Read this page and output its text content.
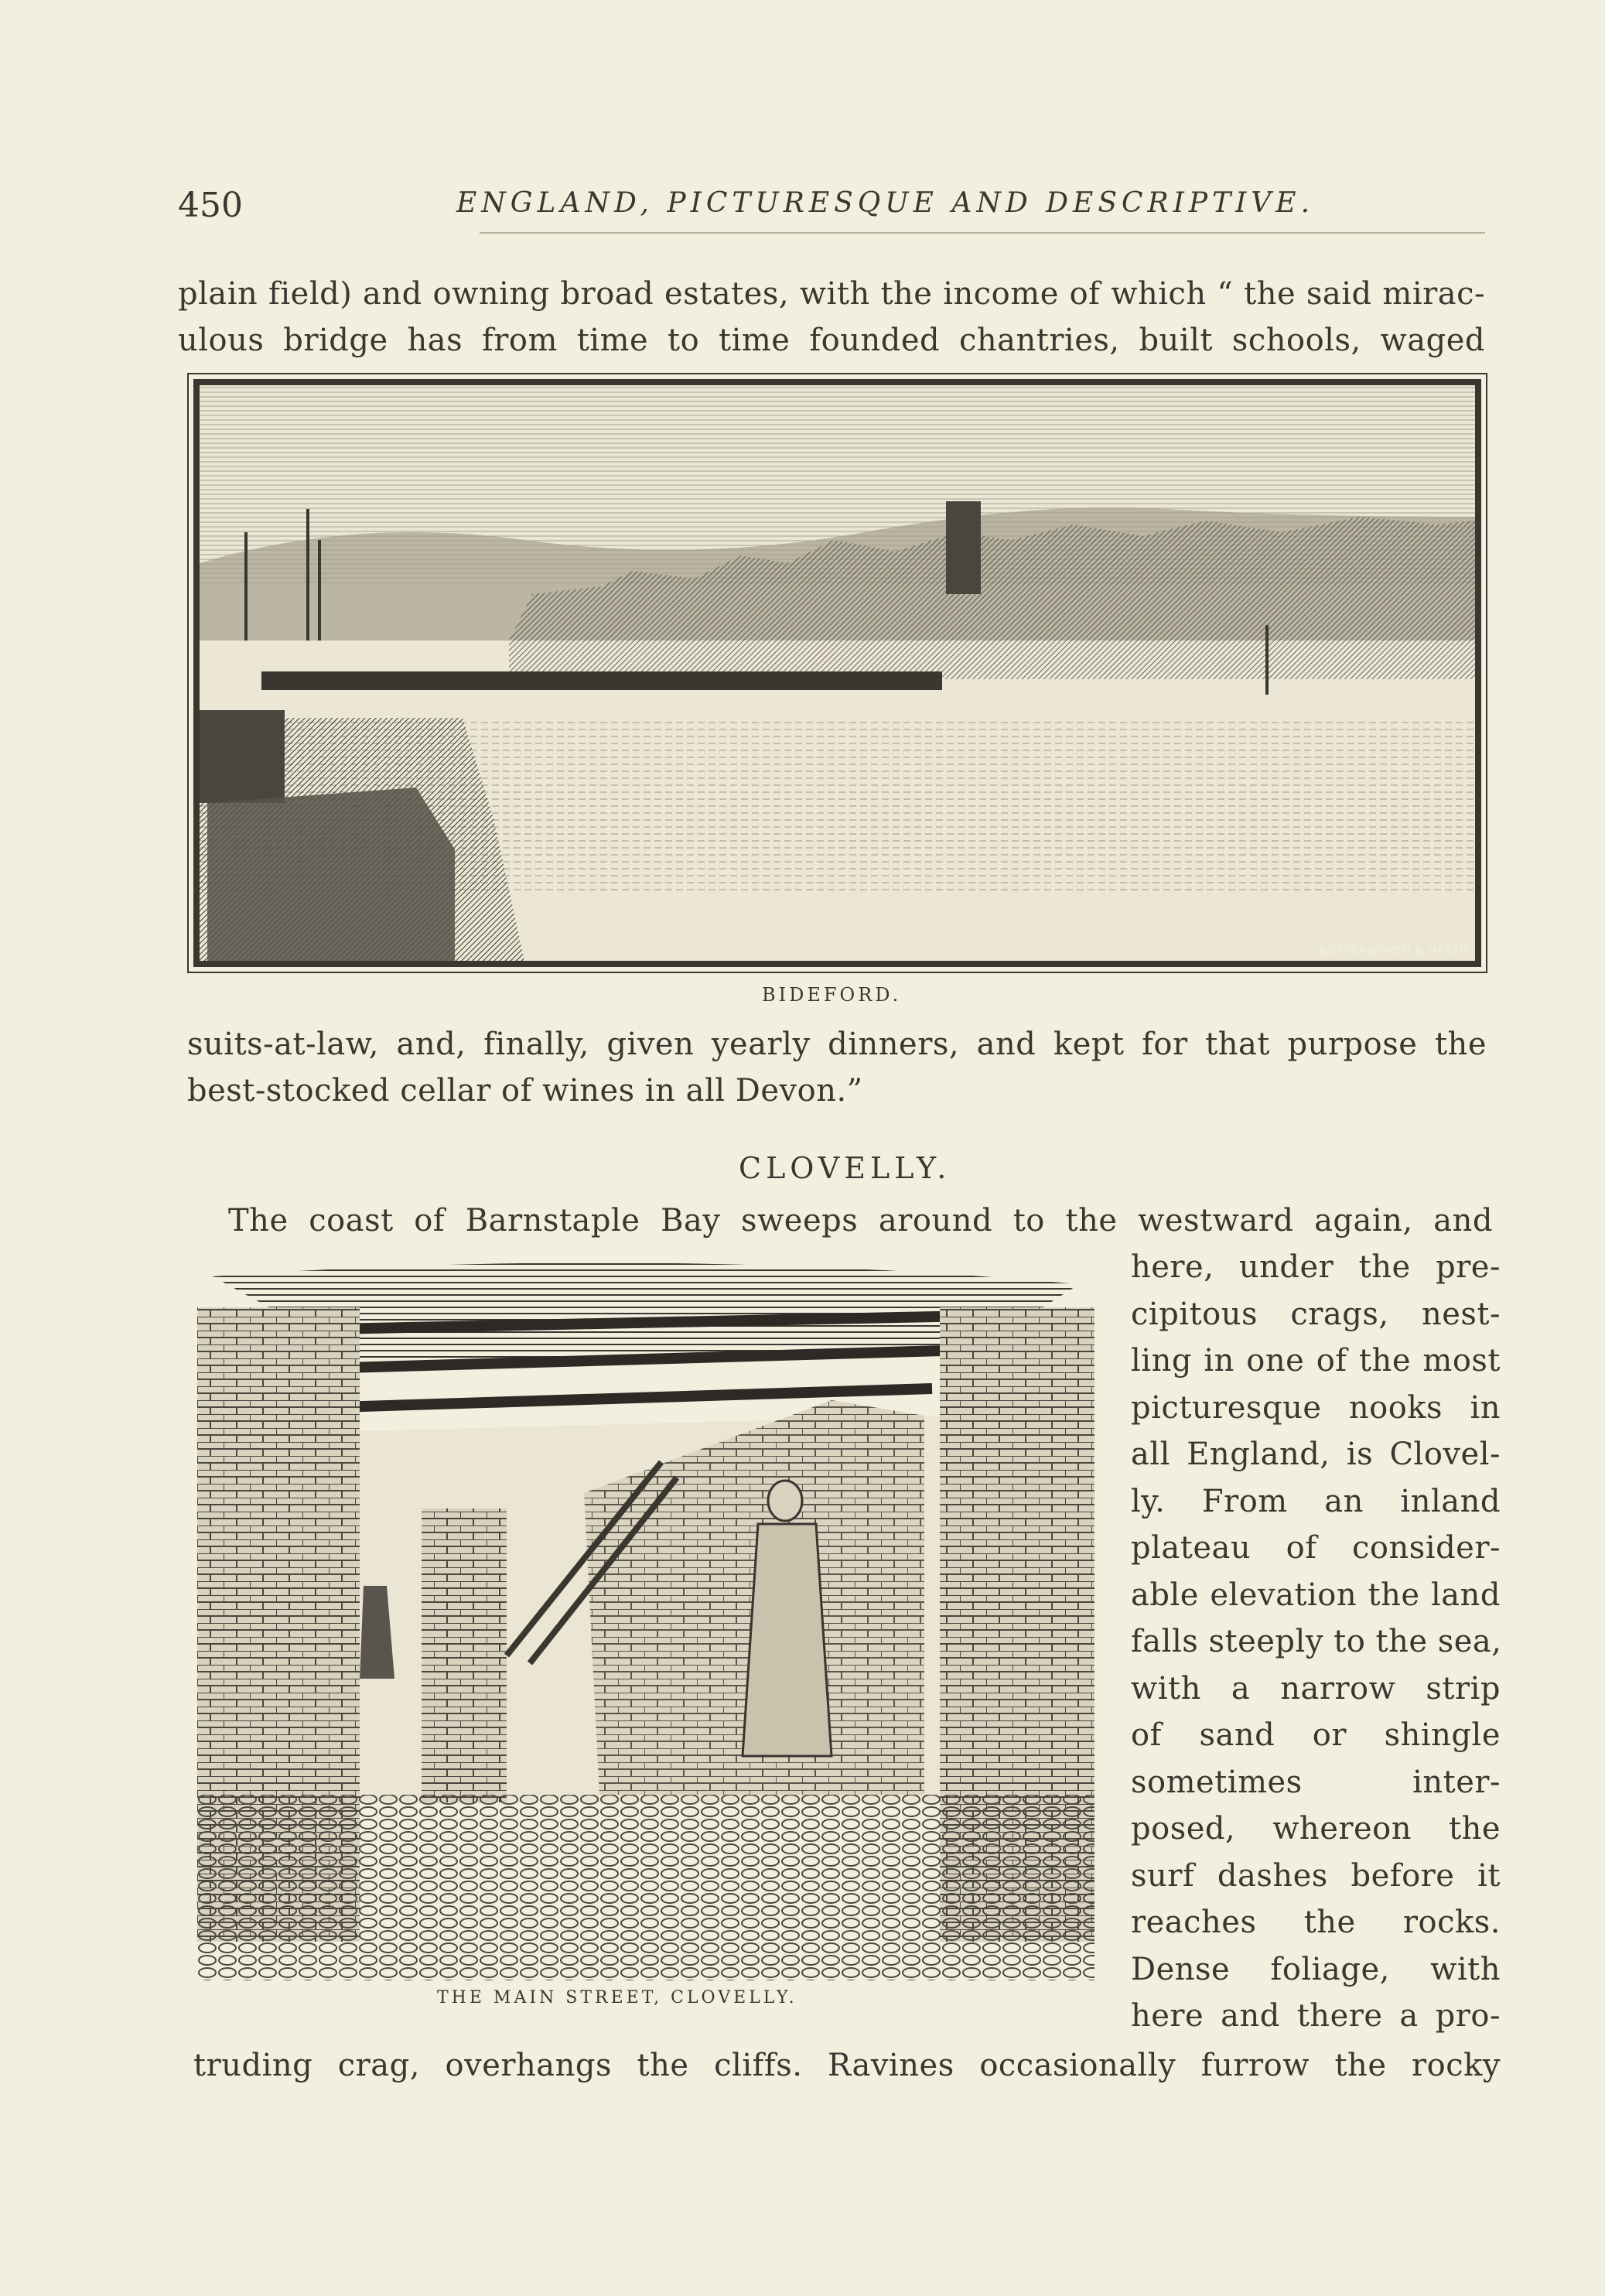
450	ENGLAND, PICTURESQUE AND DESCRIPTIVE.
plain field) and owning broad estates, with the income of which “ the said mirac-
ulous bridge has from time to time founded chantries, built schools, waged
BUTTERWORTH & HEATH
BIDEFORD.
suits-at-law, and, finally, given yearly dinners, and kept for that purpose the
best-stocked cellar of wines in all Devon.”
CLOVELLY.
The coast of Barnstaple Bay sweeps around to the westward again, and
THE MAIN STREET, CLOVELLY.
here, under the pre-
cipitous crags, nest-
ling in one of the most
picturesque nooks in
all England, is Clovel-
ly. From an inland
plateau of consider-
able elevation the land
falls steeply to the sea,
with a narrow strip
of sand or shingle
sometimes inter-
posed, whereon the
surf dashes before it
reaches the rocks.
Dense foliage, with
here and there a pro-
truding crag, overhangs the cliffs. Ravines occasionally furrow the rocky
